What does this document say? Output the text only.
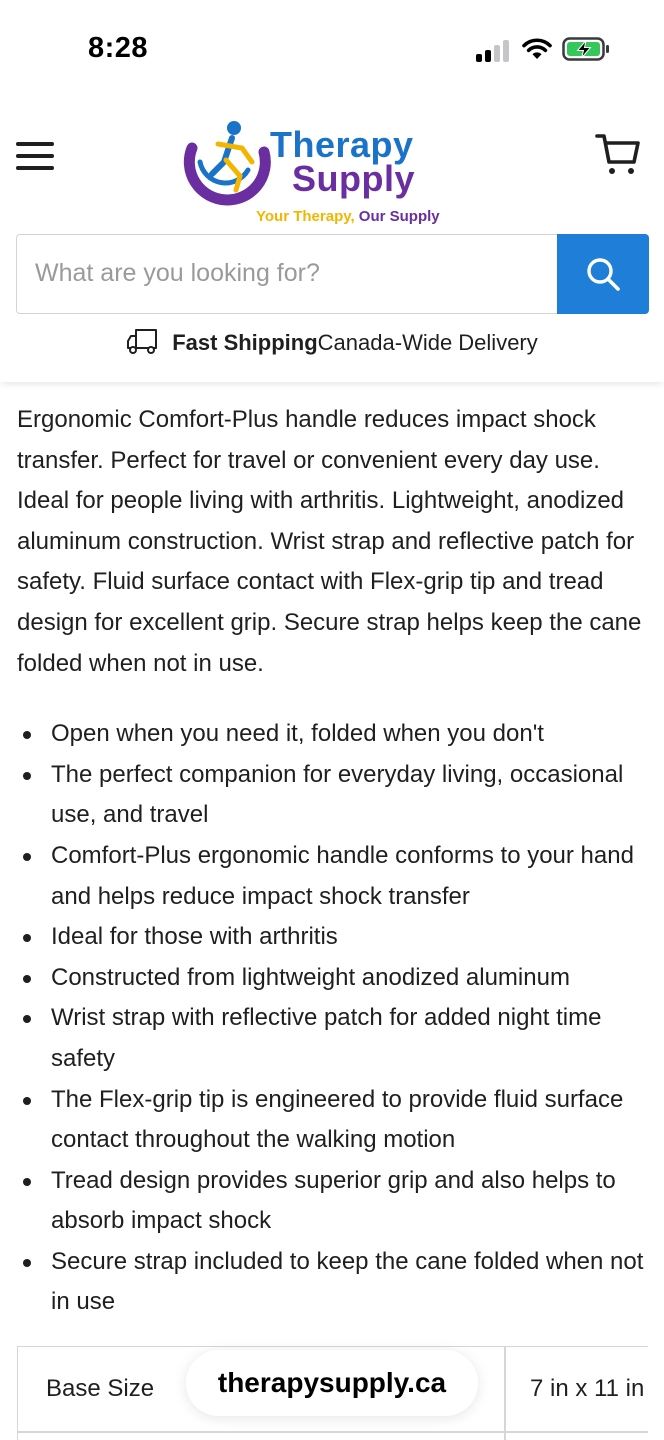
8:28
Therapy
Supply
Your Therapy, Our Supply
What are you looking for?
Fast ShippingCanada-Wide Delivery

Ergonomic Comfort-Plus handle reduces impact shock transfer. Perfect for travel or convenient every day use. Ideal for people living with arthritis. Lightweight, anodized aluminum construction. Wrist strap and reflective patch for safety. Fluid surface contact with Flex-grip tip and tread design for excellent grip. Secure strap helps keep the cane folded when not in use.

Open when you need it, folded when you don't
The perfect companion for everyday living, occasional use, and travel
Comfort-Plus ergonomic handle conforms to your hand and helps reduce impact shock transfer
Ideal for those with arthritis
Constructed from lightweight anodized aluminum
Wrist strap with reflective patch for added night time safety
The Flex-grip tip is engineered to provide fluid surface contact throughout the walking motion
Tread design provides superior grip and also helps to absorb impact shock
Secure strap included to keep the cane folded when not in use
Base Size	7 in x 11 in
therapysupply.ca
